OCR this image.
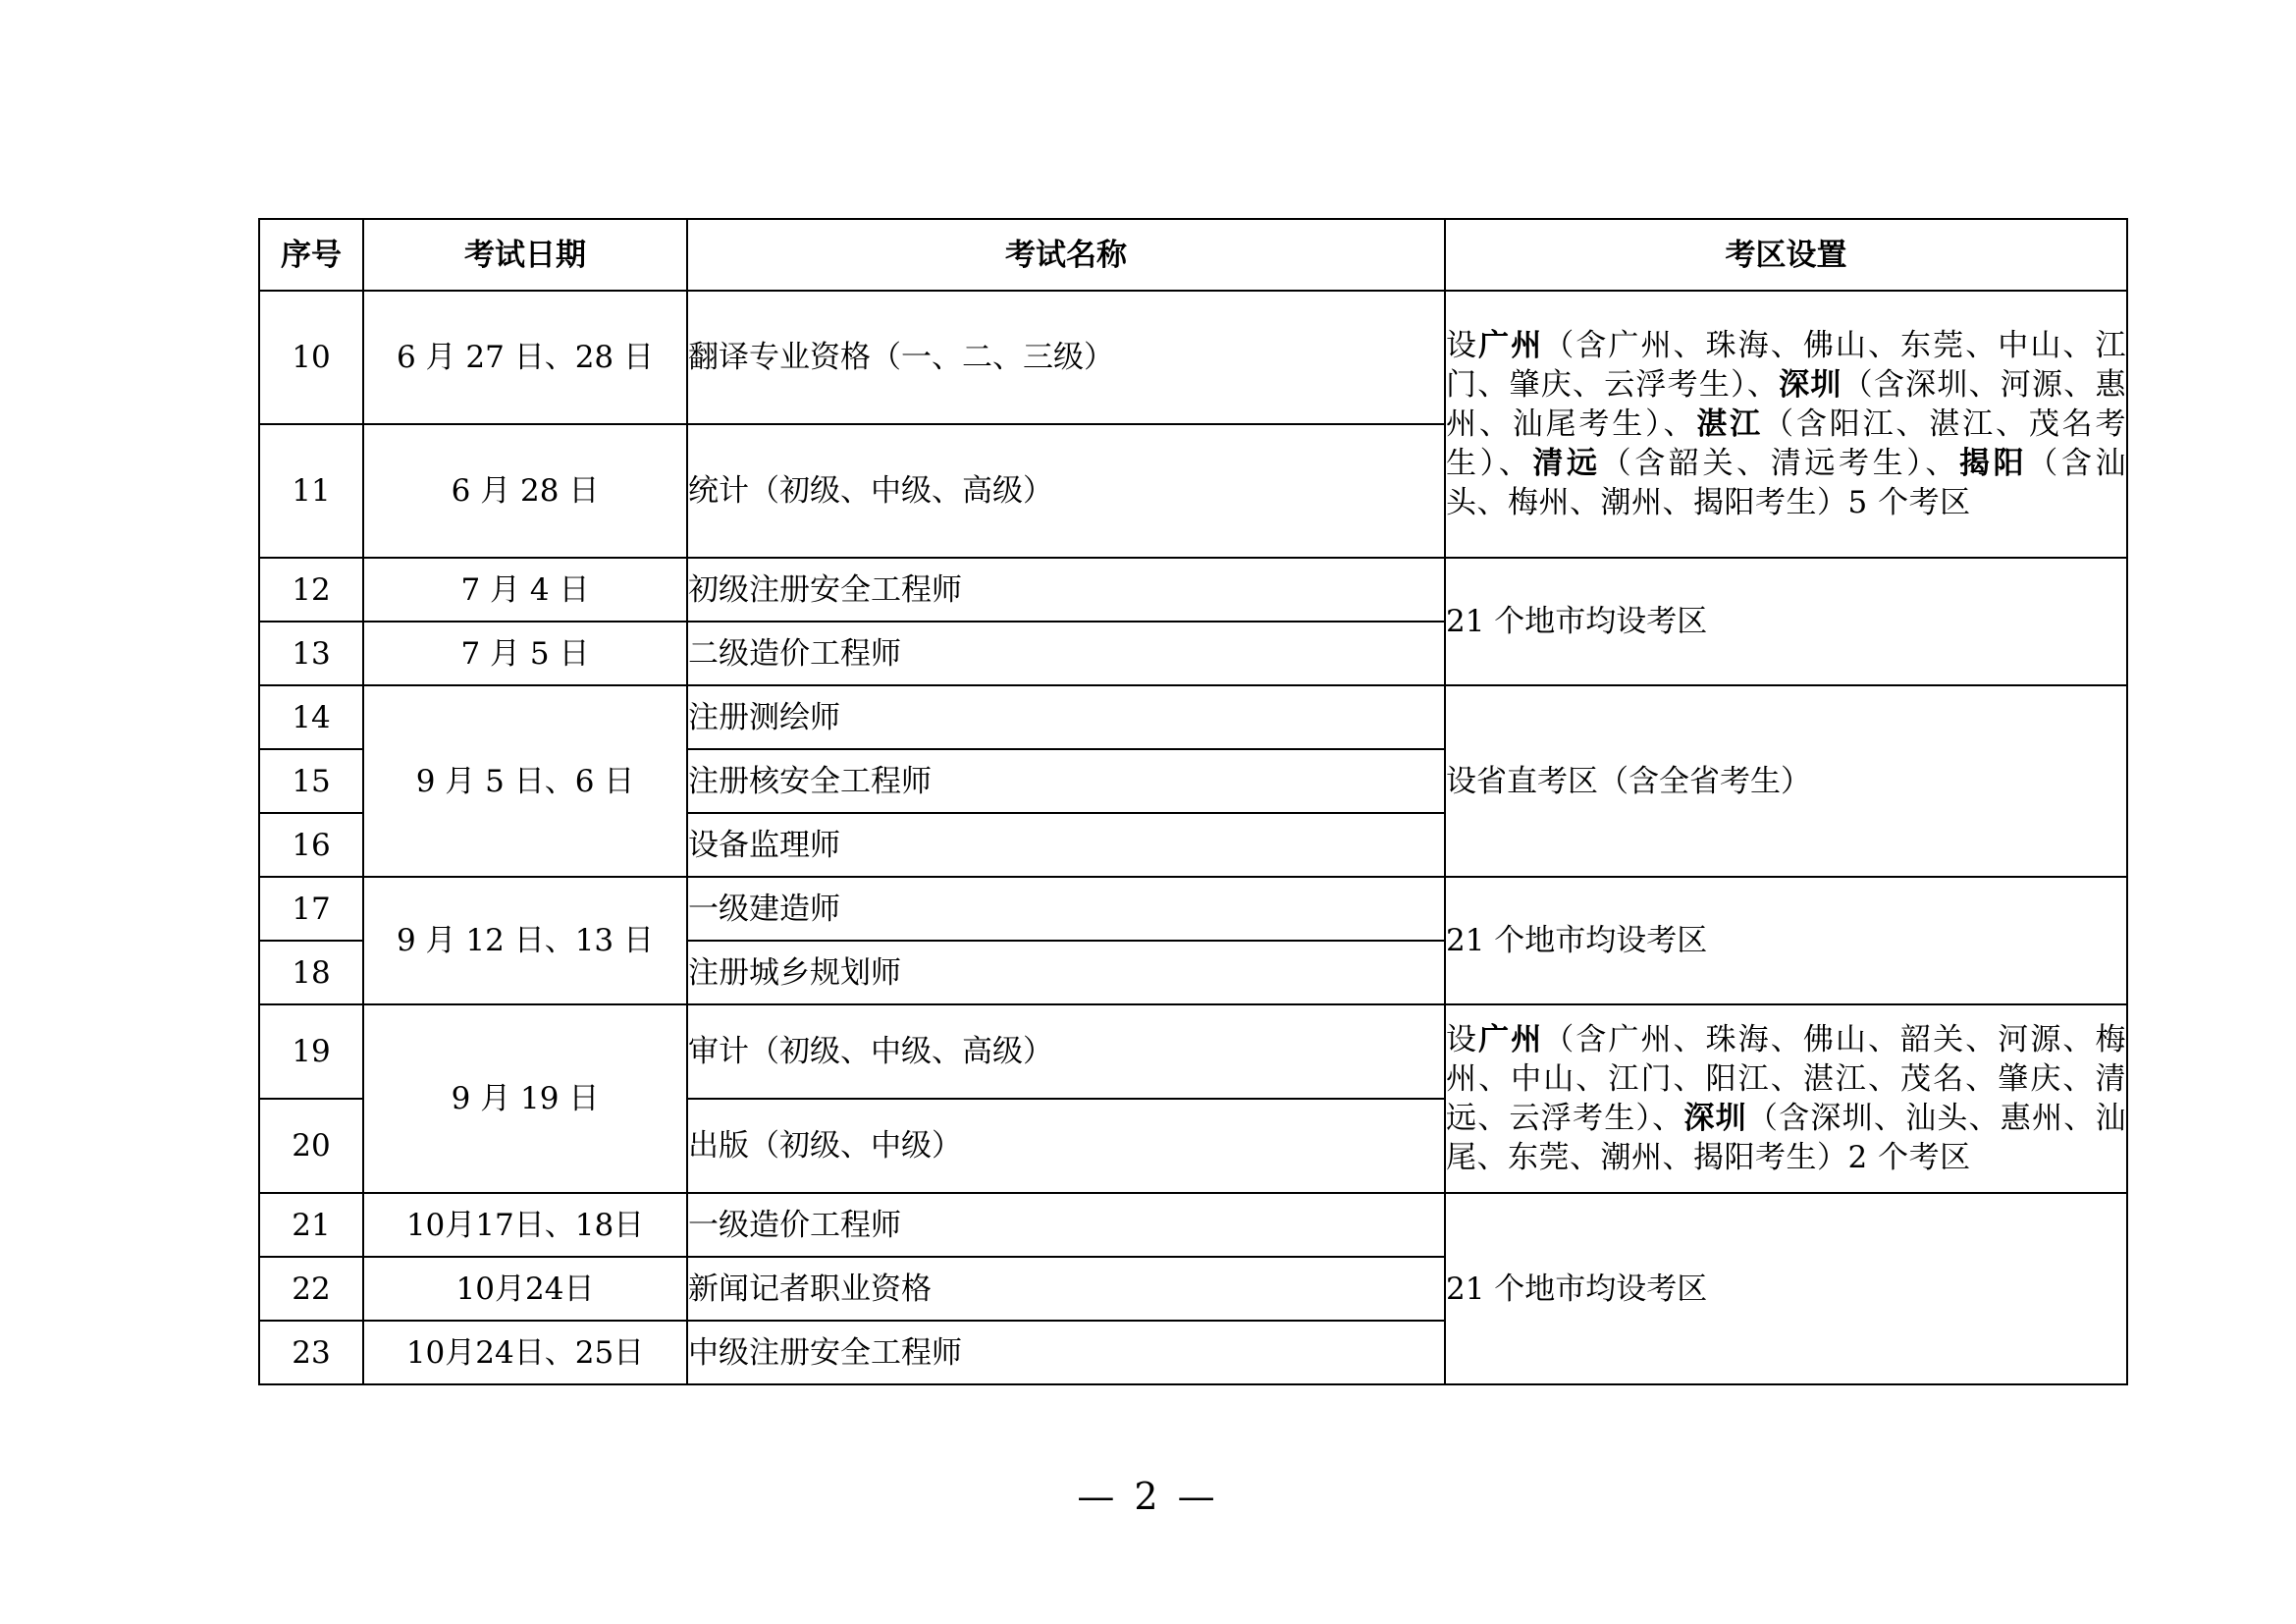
序号	考试日期	考试名称	考区设置
10	6 月 27 日、28 日	翻译专业资格（一、二、三级）	设广州（含广州、珠海、佛山、东莞、中山、江门、肇庆、云浮考生）、深圳（含深圳、河源、惠州、汕尾考生）、湛江（含阳江、湛江、茂名考生）、清远（含韶关、清远考生）、揭阳（含汕头、梅州、潮州、揭阳考生）5 个考区
11	6 月 28 日	统计（初级、中级、高级）	
12	7 月 4 日	初级注册安全工程师	21 个地市均设考区
13	7 月 5 日	二级造价工程师	
14	9 月 5 日、6 日	注册测绘师	设省直考区（含全省考生）
15		注册核安全工程师	
16		设备监理师	
17	9 月 12 日、13 日	一级建造师	21 个地市均设考区
18		注册城乡规划师	
19	9 月 19 日	审计（初级、中级、高级）	设广州（含广州、珠海、佛山、韶关、河源、梅州、中山、江门、阳江、湛江、茂名、肇庆、清远、云浮考生）、深圳（含深圳、汕头、惠州、汕尾、东莞、潮州、揭阳考生）2 个考区
20		出版（初级、中级）	
21	10月17日、18日	一级造价工程师	21 个地市均设考区
22	10月24日	新闻记者职业资格	
23	10月24日、25日	中级注册安全工程师	
— 2 —
